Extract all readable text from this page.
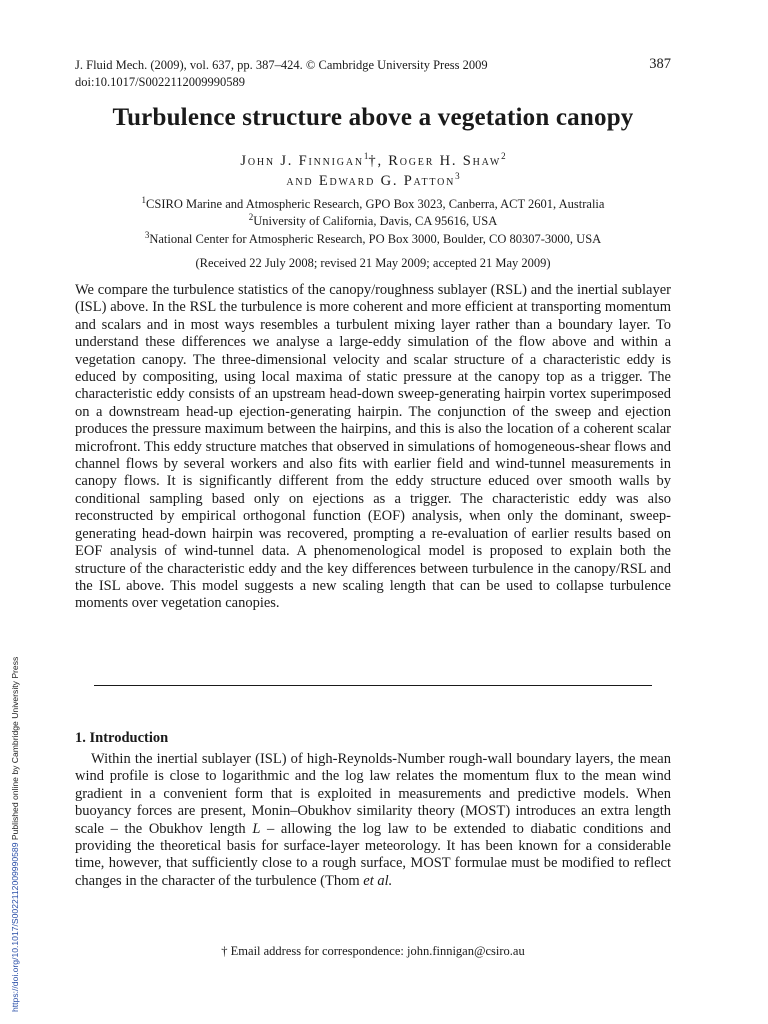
J. Fluid Mech. (2009), vol. 637, pp. 387–424. © Cambridge University Press 2009
doi:10.1017/S0022112009990589
387
Turbulence structure above a vegetation canopy
John J. Finnigan$^1$†, Roger H. Shaw$^2$
and Edward G. Patton$^3$
$^1$CSIRO Marine and Atmospheric Research, GPO Box 3023, Canberra, ACT 2601, Australia
$^2$University of California, Davis, CA 95616, USA
$^3$National Center for Atmospheric Research, PO Box 3000, Boulder, CO 80307-3000, USA
(Received 22 July 2008; revised 21 May 2009; accepted 21 May 2009)

We compare the turbulence statistics of the canopy/roughness sublayer (RSL) and the inertial sublayer (ISL) above. In the RSL the turbulence is more coherent and more efficient at transporting momentum and scalars and in most ways resembles a turbulent mixing layer rather than a boundary layer. To understand these differences we analyse a large-eddy simulation of the flow above and within a vegetation canopy. The three-dimensional velocity and scalar structure of a characteristic eddy is educed by compositing, using local maxima of static pressure at the canopy top as a trigger. The characteristic eddy consists of an upstream head-down sweep-generating hairpin vortex superimposed on a downstream head-up ejection-generating hairpin. The conjunction of the sweep and ejection produces the pressure maximum between the hairpins, and this is also the location of a coherent scalar microfront. This eddy structure matches that observed in simulations of homogeneous-shear flows and channel flows by several workers and also fits with earlier field and wind-tunnel measurements in canopy flows. It is significantly different from the eddy structure educed over smooth walls by conditional sampling based only on ejections as a trigger. The characteristic eddy was also reconstructed by empirical orthogonal function (EOF) analysis, when only the dominant, sweep-generating head-down hairpin was recovered, prompting a re-evaluation of earlier results based on EOF analysis of wind-tunnel data. A phenomenological model is proposed to explain both the structure of the characteristic eddy and the key differences between turbulence in the canopy/RSL and the ISL above. This model suggests a new scaling length that can be used to collapse turbulence moments over vegetation canopies.

1. Introduction

Within the inertial sublayer (ISL) of high-Reynolds-Number rough-wall boundary layers, the mean wind profile is close to logarithmic and the log law relates the momentum flux to the mean wind gradient in a convenient form that is exploited in measurements and predictive models. When buoyancy forces are present, Monin–Obukhov similarity theory (MOST) introduces an extra length scale – the Obukhov length L – allowing the log law to be extended to diabatic conditions and providing the theoretical basis for surface-layer meteorology. It has been known for a considerable time, however, that sufficiently close to a rough surface, MOST formulae must be modified to reflect changes in the character of the turbulence (Thom et al.

† Email address for correspondence: john.finnigan@csiro.au
https://doi.org/10.1017/S0022112009990589 Published online by Cambridge University Press
